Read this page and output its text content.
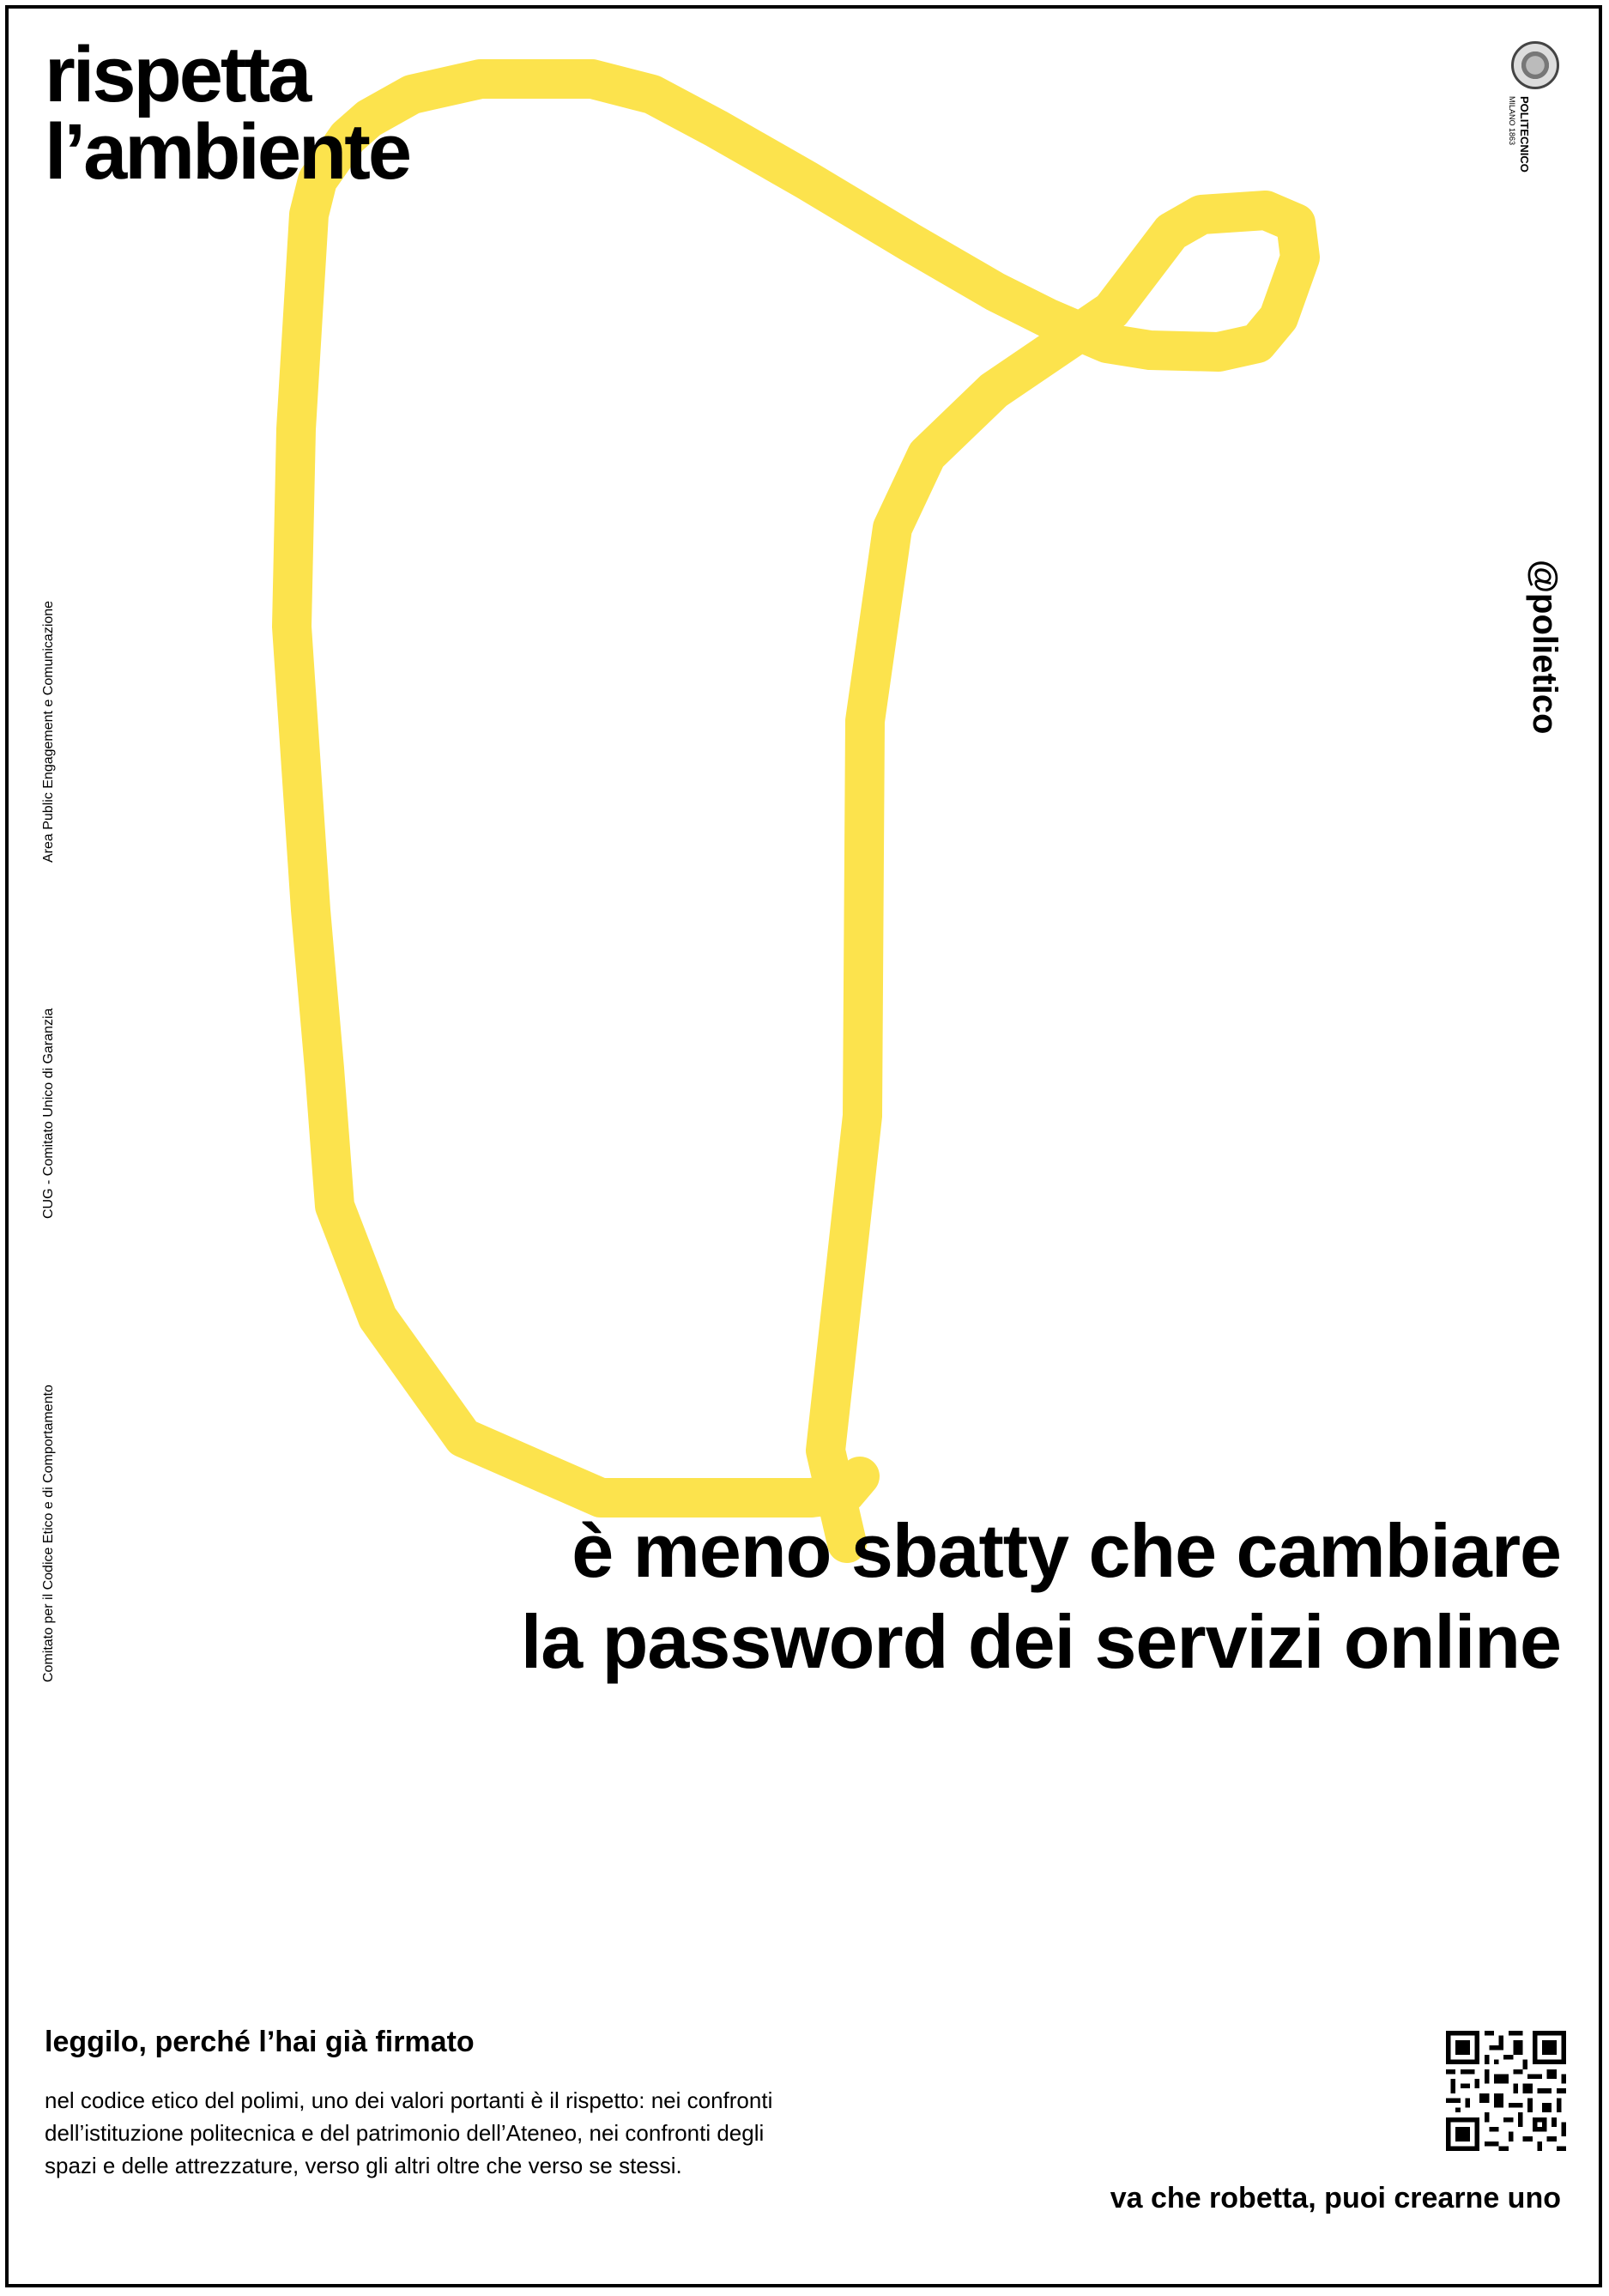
rispetta
l’ambiente	POLITECNICO
MILANO 1863
@polietico
Area Public Engagement e Comunicazione
CUG - Comitato Unico di Garanzia
Comitato per il Codice Etico e di Comportamento	è meno sbatty che cambiare
la password dei servizi online
leggilo, perché l’hai già firmato

nel codice etico del polimi, uno dei valori portanti è il rispetto: nei confronti dell’istituzione politecnica e del patrimonio dell’Ateneo, nei confronti degli spazi e delle attrezzature, verso gli altri oltre che verso se stessi.

va che robetta, puoi crearne uno
